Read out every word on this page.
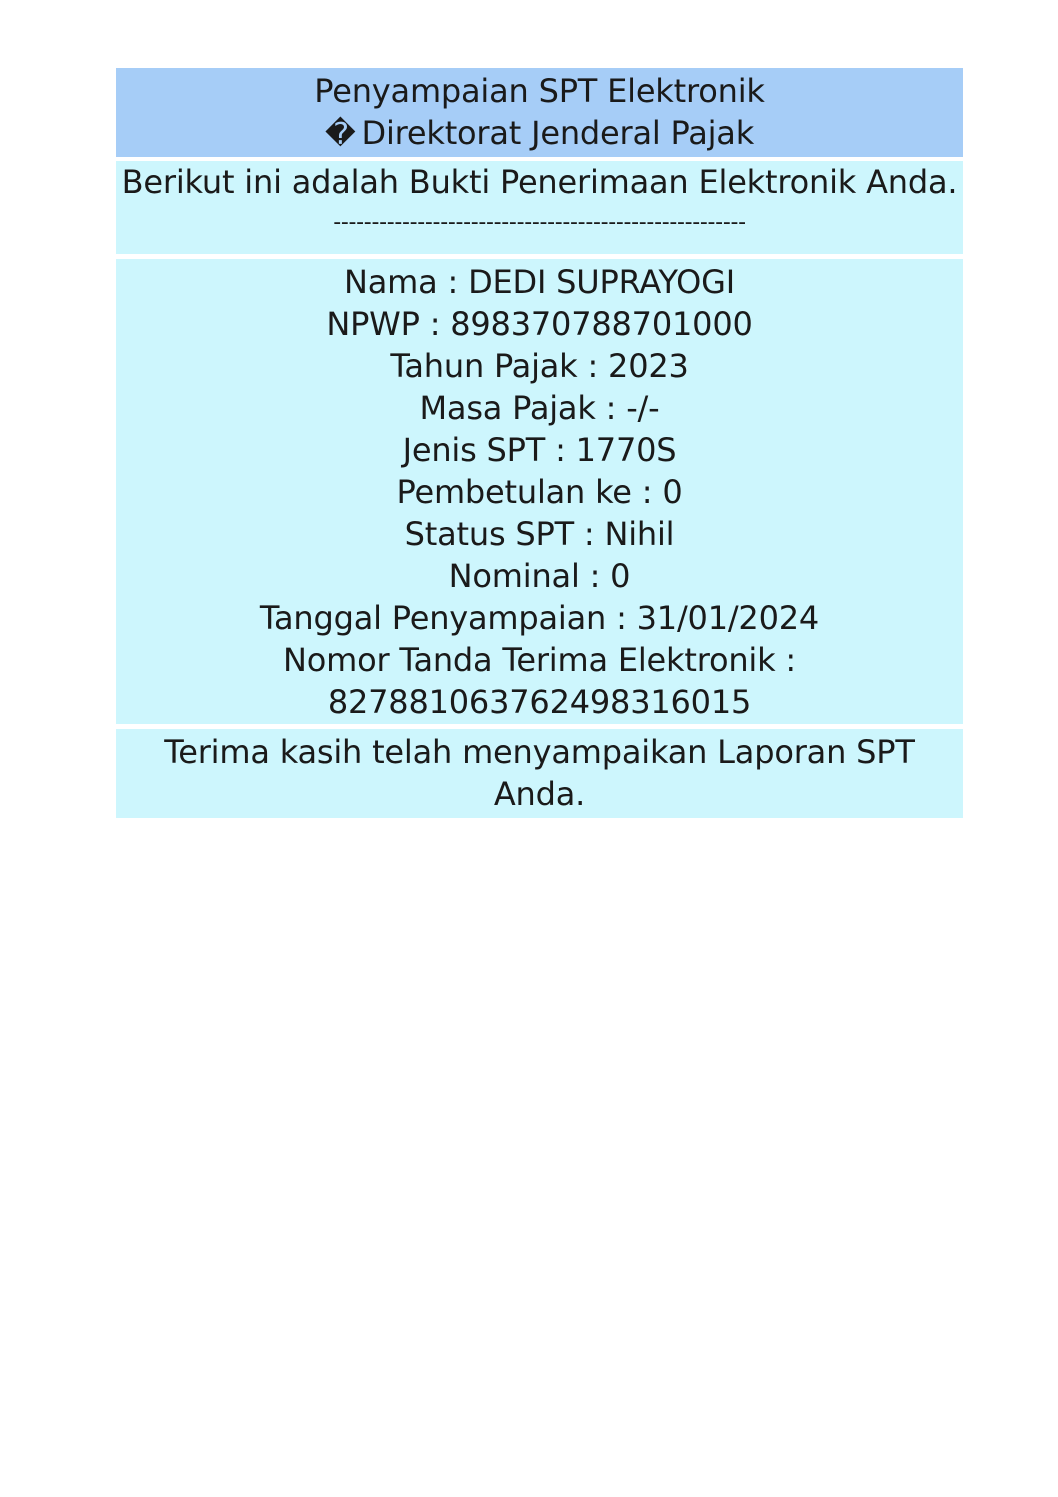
Penyampaian SPT Elektronik
� Direktorat Jenderal Pajak
Berikut ini adalah Bukti Penerimaan Elektronik Anda.
------------------------------------------------------
Nama : DEDI SUPRAYOGI
NPWP : 898370788701000
Tahun Pajak : 2023
Masa Pajak : -/-
Jenis SPT : 1770S
Pembetulan ke : 0
Status SPT : Nihil
Nominal : 0
Tanggal Penyampaian : 31/01/2024
Nomor Tanda Terima Elektronik :
827881063762498316015
Terima kasih telah menyampaikan Laporan SPT Anda.
